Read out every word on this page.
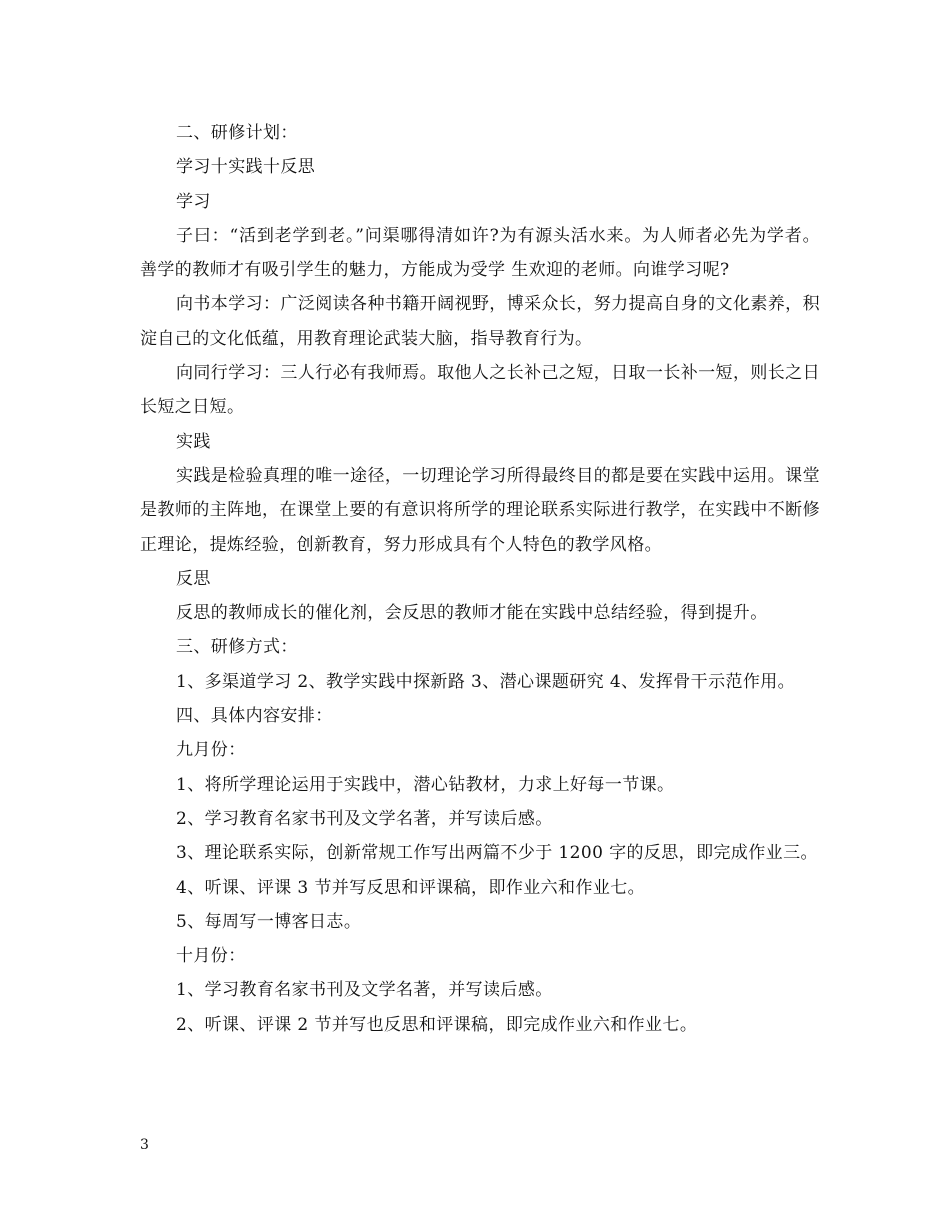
二、研修计划：

学习十实践十反思

学习

子曰：“活到老学到老。”问渠哪得清如许?为有源头活水来。为人师者必先为学者。善学的教师才有吸引学生的魅力，方能成为受学 生欢迎的老师。向谁学习呢?

向书本学习：广泛阅读各种书籍开阔视野，博采众长，努力提高自身的文化素养，积淀自己的文化低蕴，用教育理论武装大脑，指导教育行为。

向同行学习：三人行必有我师焉。取他人之长补己之短，日取一长补一短，则长之日长短之日短。

实践

实践是检验真理的唯一途径，一切理论学习所得最终目的都是要在实践中运用。课堂是教师的主阵地，在课堂上要的有意识将所学的理论联系实际进行教学，在实践中不断修正理论，提炼经验，创新教育，努力形成具有个人特色的教学风格。

反思

反思的教师成长的催化剂，会反思的教师才能在实践中总结经验，得到提升。

三、研修方式：

1、多渠道学习 2、教学实践中探新路 3、潜心课题研究 4、发挥骨干示范作用。

四、具体内容安排：

九月份：

1、将所学理论运用于实践中，潜心钻教材，力求上好每一节课。

2、学习教育名家书刊及文学名著，并写读后感。

3、理论联系实际，创新常规工作写出两篇不少于 1200 字的反思，即完成作业三。

4、听课、评课 3 节并写反思和评课稿，即作业六和作业七。

5、每周写一博客日志。

十月份：

1、学习教育名家书刊及文学名著，并写读后感。

2、听课、评课 2 节并写也反思和评课稿，即完成作业六和作业七。

3
